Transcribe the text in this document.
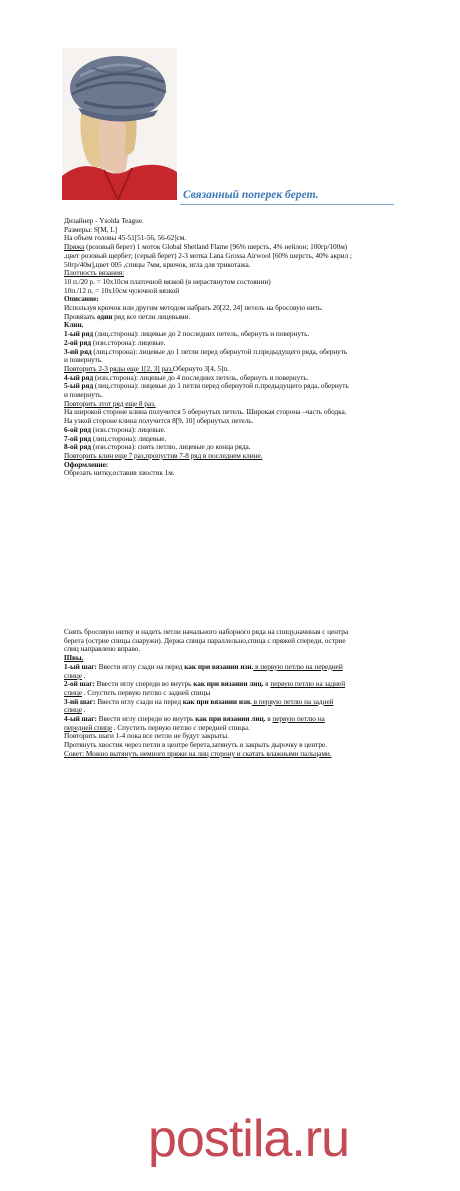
Связанный поперек берет.

Дизайнер - Ysolda Teague.

Размеры: S[M, L]

На объем головы 45-51[51-56, 56-62]см.

Пряжа (розовый берет) 1 моток Global Shetland Flame [96% шерсть, 4% нейлон; 100гр/100м)

,цвет розовый щербет; (серый берет) 2-3 мотка Lana Grossa Airwool [60% шерсть, 40% акрил ;

50гр/40м],цвет 005 ,спицы 7мм, крючок, игла для трикотажа.

Плотность вязания:

10 п./20 р. = 10x10см платочной вязкой (в нерастянутом состоянии)

10п./12 п. = 10x10см чулочной вязкой

Описание:

Используя крючок или другим методом набрать 20[22, 24] петель на бросовую нить.

Провязать один ряд все петли лицевыми.

Клин.

1-ый ряд (лиц.сторона): лицевые до 2 последних петель, обернуть и повернуть.

2-ой ряд (изн.сторона): лицевые.

3-ий ряд (лиц.сторона): лицевые до 1 петли перед обернутой п.предыдущего ряда, обернуть

и повернуть.

Повторить 2-3 ряды еще 1[2, 3] раз.Обернуто 3[4, 5]п.

4-ый ряд (изн.сторона): лицевые до 4 последних петель, обернуть и повернуть.

5-ый ряд (лиц.сторона): лицевые до 1 петли перед обернутой п.предыдущего ряда, обернуть

и повернуть.

Повторить этот ряд еще 8 раз.

На широкой стороне клина получится 5 обернутых петель. Широкая сторона –часть ободка.

На узкой стороне клина получится 8[9, 10] обернутых петель.

6-ой ряд (изн.сторона): лицевые.

7-ой ряд (лиц.сторона): лицевые.

8-ой ряд (изн.сторона): снять петлю, лицевые до конца ряда.

Повторить клин еще 7 раз,пропустив 7-8 ряд в последнем клине.

Оформление:

Обрезать нитку,оставив хвостик 1м.

Снять бросовую нитку и надеть петли начального наборного ряда на спицу,начиная с центра

берета (острие спицы снаружи). Держа спицы параллельно,спица с пряжей спереди, острие

спиц направлено вправо.

Швы.

1-ый шаг: Ввести иглу сзади на перед как при вязании изн. в первую петлю на передней

спице .

2-ой шаг: Ввести иглу спереди во внутрь как при вязании лиц. в первую петлю на задней

спице . Спустить первую петлю с задней спицы

3-ий шаг: Ввести иглу сзади на перед как при вязании изн. в первую петлю на задней

спице .

4-ый шаг: Ввести иглу спереди во внутрь как при вязании лиц. в первую петлю на

передней спице . Спустить первую петлю с передней спицы.

Повторить шаги 1-4 пока все петли не будут закрыты.

Протянуть хвостик через петли в центре берета,затянуть и закрыть дырочку в центре.

Совет: Можно вытянуть немного пряжи на лиц сторону и скатать влажными пальцами.

postila.ru
